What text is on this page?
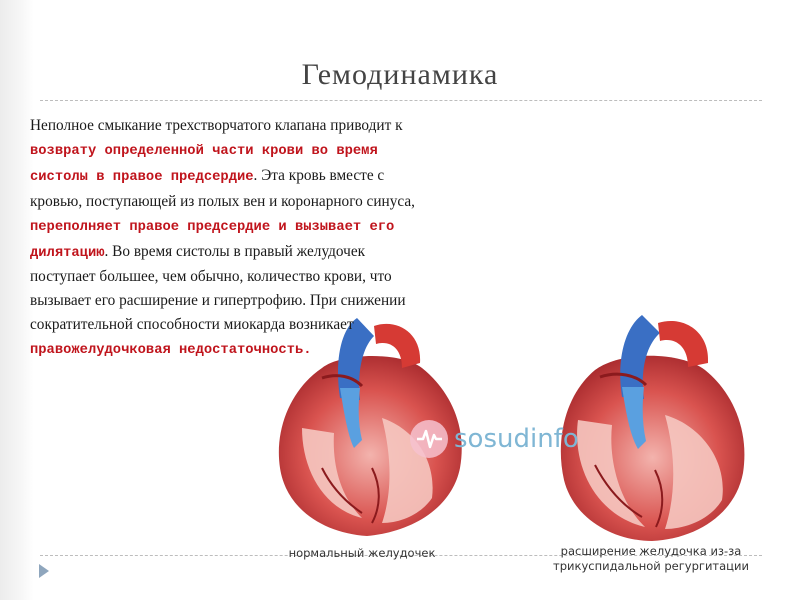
Гемодинамика
sosudinfo
Неполное смыкание трехстворчатого клапана приводит к возврату определенной части крови во время систолы в правое предсердие. Эта кровь вместе с кровью, поступающей из полых вен и коронарного синуса, переполняет правое предсердие и вызывает его дилятацию. Во время систолы в правый желудочек поступает большее, чем обычно, количество крови, что вызывает его расширение и гипертрофию. При снижении сократительной способности миокарда возникает правожелудочковая недостаточность.
нормальный желудочек	расширение желудочка из-за трикуспидальной регургитации
